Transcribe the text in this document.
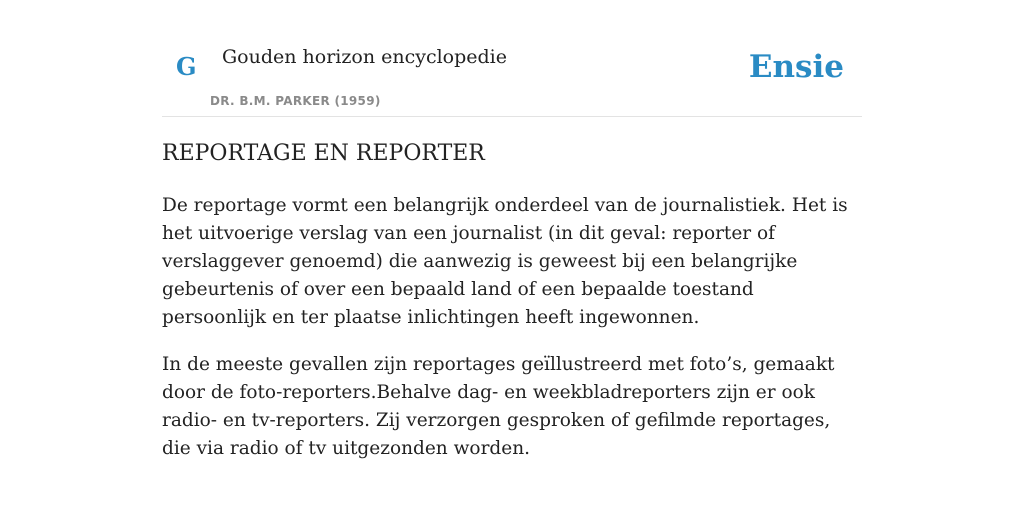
G Gouden horizon encyclopedie
DR. B.M. PARKER (1959)
Ensie
REPORTAGE EN REPORTER

De reportage vormt een belangrijk onderdeel van de journalistiek. Het is het uitvoerige verslag van een journalist (in dit geval: reporter of verslaggever genoemd) die aanwezig is geweest bij een belangrijke gebeurtenis of over een bepaald land of een bepaalde toestand persoonlijk en ter plaatse inlichtingen heeft ingewonnen.

In de meeste gevallen zijn reportages geïllustreerd met foto’s, gemaakt door de foto-reporters.Behalve dag- en weekbladreporters zijn er ook radio- en tv-reporters. Zij verzorgen gesproken of gefilmde reportages, die via radio of tv uitgezonden worden.
